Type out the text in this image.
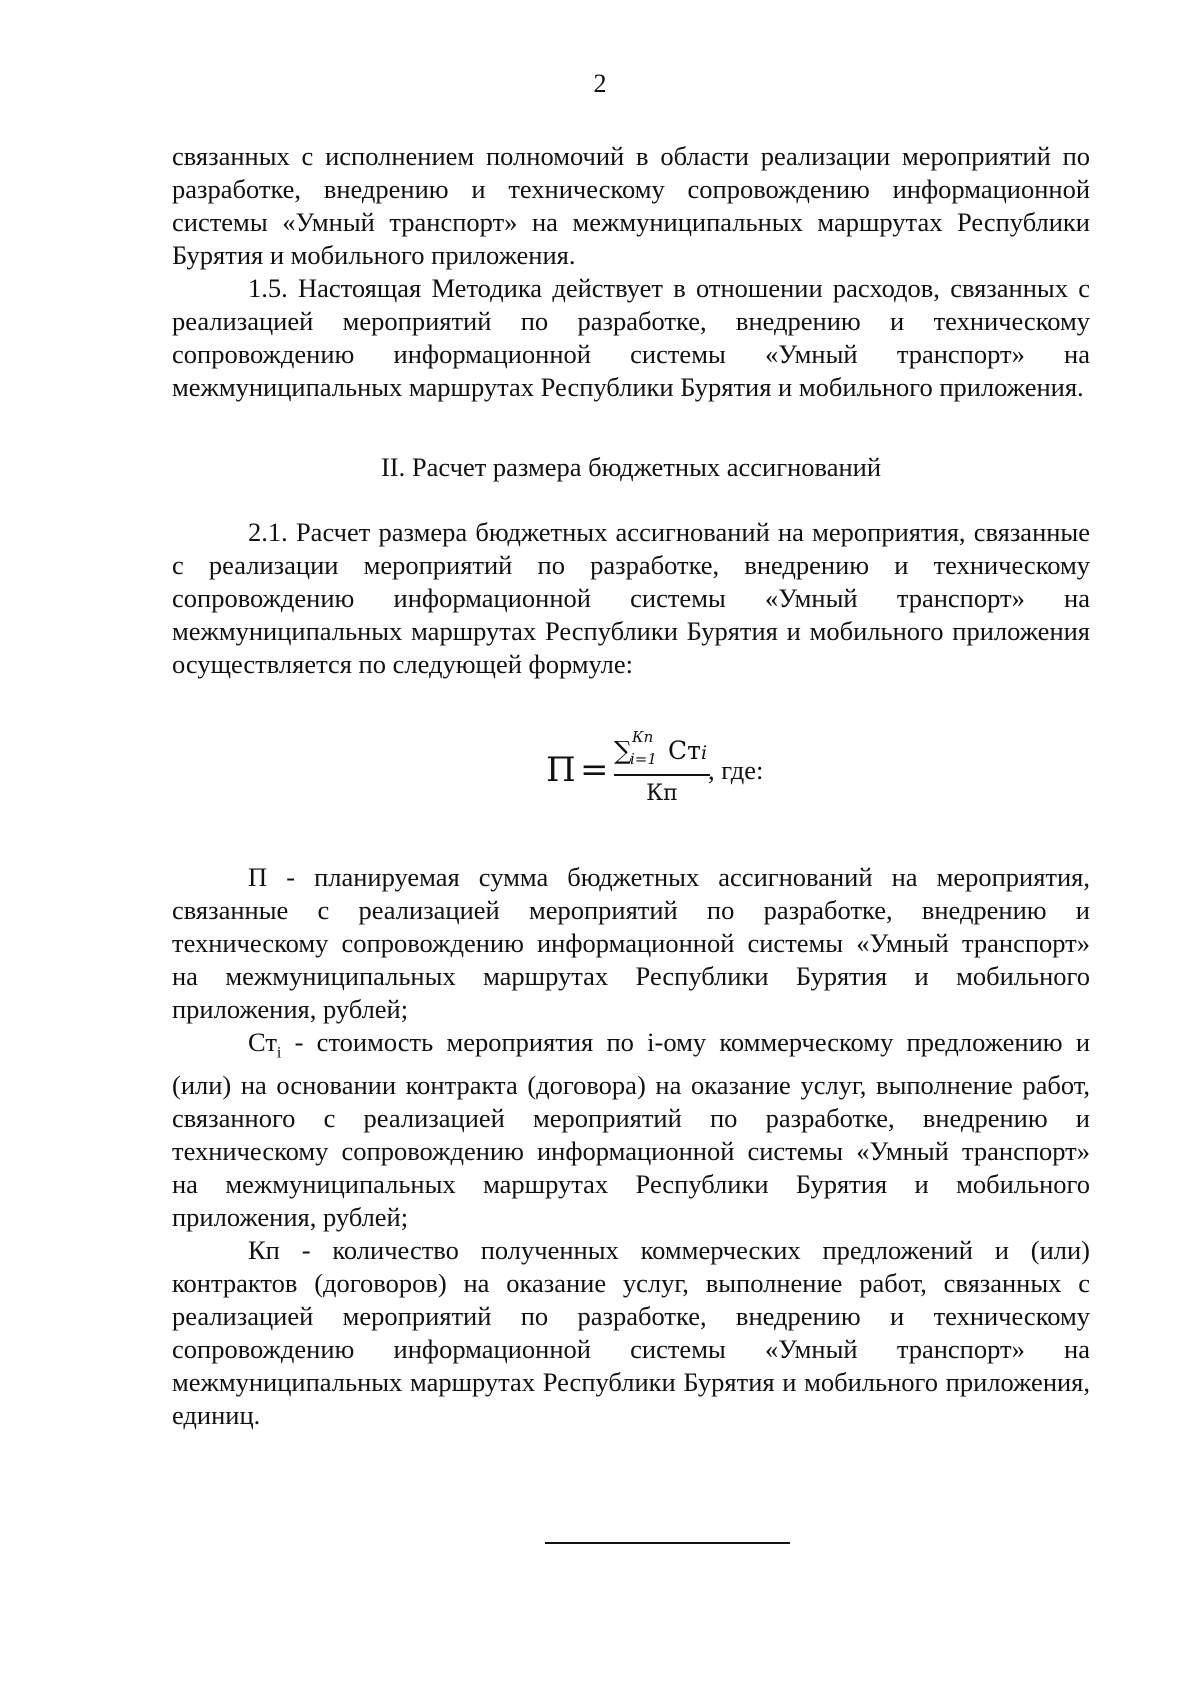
2

связанных с исполнением полномочий в области реализации мероприятий по разработке, внедрению и техническому сопровождению информационной системы «Умный транспорт» на межмуниципальных маршрутах Республики Бурятия и мобильного приложения.

1.5. Настоящая Методика действует в отношении расходов, связанных с реализацией мероприятий по разработке, внедрению и техническому сопровождению информационной системы «Умный транспорт» на межмуниципальных маршрутах Республики Бурятия и мобильного приложения.

II. Расчет размера бюджетных ассигнований

2.1. Расчет размера бюджетных ассигнований на мероприятия, связанные с реализации мероприятий по разработке, внедрению и техническому сопровождению информационной системы «Умный транспорт» на межмуниципальных маршрутах Республики Бурятия и мобильного приложения осуществляется по следующей формуле:

П = ∑ Кп
i=1 Стi
Кп
, где:

П - планируемая сумма бюджетных ассигнований на мероприятия, связанные с реализацией мероприятий по разработке, внедрению и техническому сопровождению информационной системы «Умный транспорт» на межмуниципальных маршрутах Республики Бурятия и мобильного приложения, рублей;

$Ст_i$ - стоимость мероприятия по i-ому коммерческому предложению и (или) на основании контракта (договора) на оказание услуг, выполнение работ, связанного с реализацией мероприятий по разработке, внедрению и техническому сопровождению информационной системы «Умный транспорт» на межмуниципальных маршрутах Республики Бурятия и мобильного приложения, рублей;

Кп - количество полученных коммерческих предложений и (или) контрактов (договоров) на оказание услуг, выполнение работ, связанных с реализацией мероприятий по разработке, внедрению и техническому сопровождению информационной системы «Умный транспорт» на межмуниципальных маршрутах Республики Бурятия и мобильного приложения, единиц.
